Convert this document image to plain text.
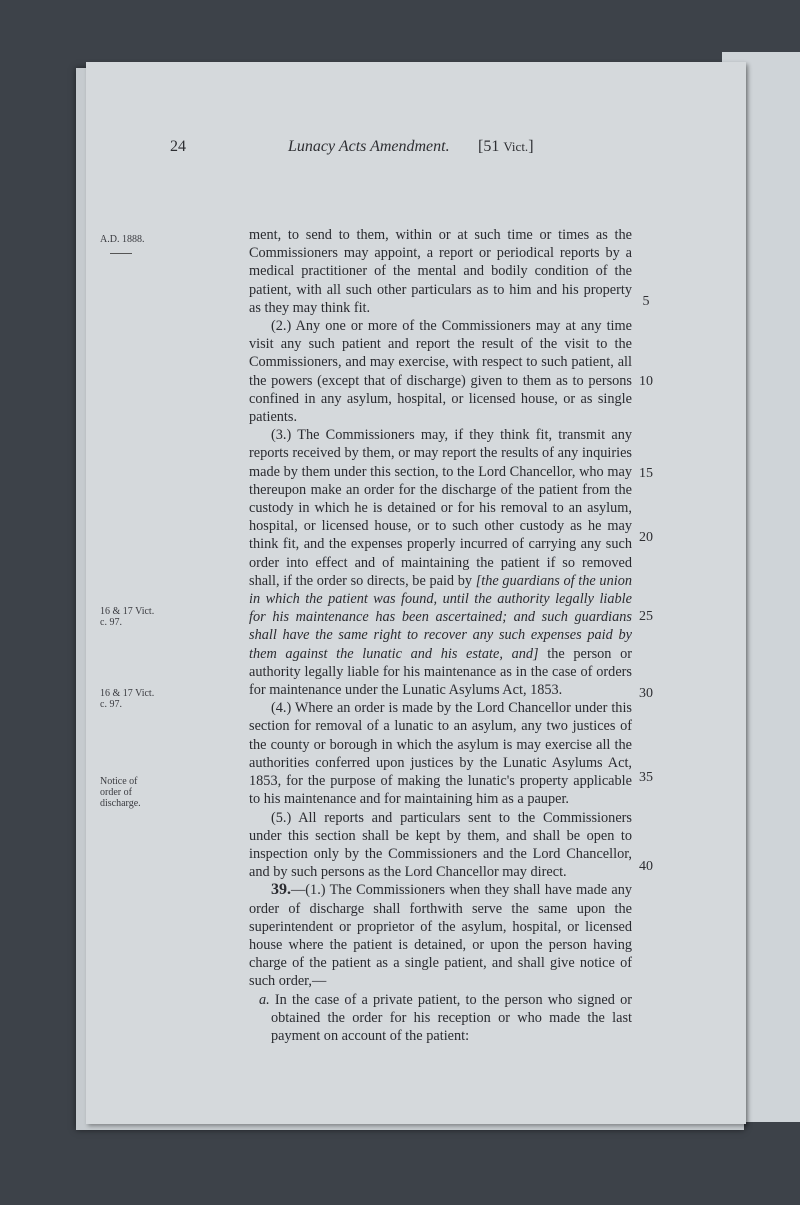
24	Lunacy Acts Amendment. [51 Vict.]
A.D. 1888.
16 & 17 Vict.
c. 97.
16 & 17 Vict.
c. 97.
Notice of
order of
discharge.

ment, to send to them, within or at such time or times as the Commissioners may appoint, a report or periodical reports by a medical practitioner of the mental and bodily condition of the patient, with all such other particulars as to him and his property as they may think fit.

(2.) Any one or more of the Commissioners may at any time visit any such patient and report the result of the visit to the Commissioners, and may exercise, with respect to such patient, all the powers (except that of discharge) given to them as to persons confined in any asylum, hospital, or licensed house, or as single patients.

(3.) The Commissioners may, if they think fit, transmit any reports received by them, or may report the results of any inquiries made by them under this section, to the Lord Chancellor, who may thereupon make an order for the discharge of the patient from the custody in which he is detained or for his removal to an asylum, hospital, or licensed house, or to such other custody as he may think fit, and the expenses properly incurred of carrying any such order into effect and of maintaining the patient if so removed shall, if the order so directs, be paid by [the guardians of the union in which the patient was found, until the authority legally liable for his maintenance has been ascertained; and such guardians shall have the same right to recover any such expenses paid by them against the lunatic and his estate, and] the person or authority legally liable for his maintenance as in the case of orders for maintenance under the Lunatic Asylums Act, 1853.

(4.) Where an order is made by the Lord Chancellor under this section for removal of a lunatic to an asylum, any two justices of the county or borough in which the asylum is may exercise all the authorities conferred upon justices by the Lunatic Asylums Act, 1853, for the purpose of making the lunatic's property applicable to his maintenance and for maintaining him as a pauper.

(5.) All reports and particulars sent to the Commissioners under this section shall be kept by them, and shall be open to inspection only by the Commissioners and the Lord Chancellor, and by such persons as the Lord Chancellor may direct.

39.—(1.) The Commissioners when they shall have made any order of discharge shall forthwith serve the same upon the superintendent or proprietor of the asylum, hospital, or licensed house where the patient is detained, or upon the person having charge of the patient as a single patient, and shall give notice of such order,—

a. In the case of a private patient, to the person who signed or obtained the order for his reception or who made the last payment on account of the patient:

5
10
15
20
25
30
35
40
